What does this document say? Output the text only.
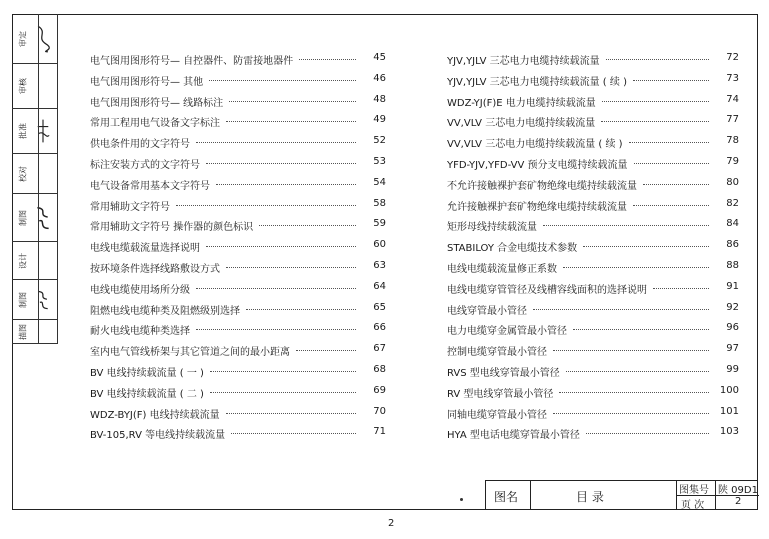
审定
审核
批准
校对
制图
设计
制图
描图
电气图用图形符号— 自控器件、防雷接地器件	45
电气图用图形符号— 其他	46
电气图用图形符号— 线路标注	48
常用工程用电气设备文字标注	49
供电条件用的文字符号	52
标注安装方式的文字符号	53
电气设备常用基本文字符号	54
常用辅助文字符号	58
常用辅助文字符号 操作器的颜色标识	59
电线电缆载流量选择说明	60
按环境条件选择线路敷设方式	63
电线电缆使用场所分级	64
阻燃电线电缆种类及阻燃级别选择	65
耐火电线电缆种类选择	66
室内电气管线桥架与其它管道之间的最小距离	67
BV 电线持续载流量 ( 一 )	68
BV 电线持续载流量 ( 二 )	69
WDZ-BYJ(F) 电线持续载流量	70
BV-105,RV 等电线持续载流量	71
YJV,YJLV 三芯电力电缆持续载流量	72
YJV,YJLV 三芯电力电缆持续载流量 ( 续 )	73
WDZ-YJ(F)E 电力电缆持续载流量	74
VV,VLV 三芯电力电缆持续载流量	77
VV,VLV 三芯电力电缆持续载流量 ( 续 )	78
YFD-YJV,YFD-VV 预分支电缆持续载流量	79
不允许接触裸护套矿物绝缘电缆持续载流量	80
允许接触裸护套矿物绝缘电缆持续载流量	82
矩形母线持续载流量	84
STABILOY 合金电缆技术参数	86
电线电缆载流量修正系数	88
电线电缆穿管管径及线槽容线面积的选择说明	91
电线穿管最小管径	92
电力电缆穿金属管最小管径	96
控制电缆穿管最小管径	97
RVS 型电线穿管最小管径	99
RV 型电线穿管最小管径	100
同轴电缆穿管最小管径	101
HYA 型电话电缆穿管最小管径	103
图名	目 录	图集号 陕 09D1
页 次	2
2
